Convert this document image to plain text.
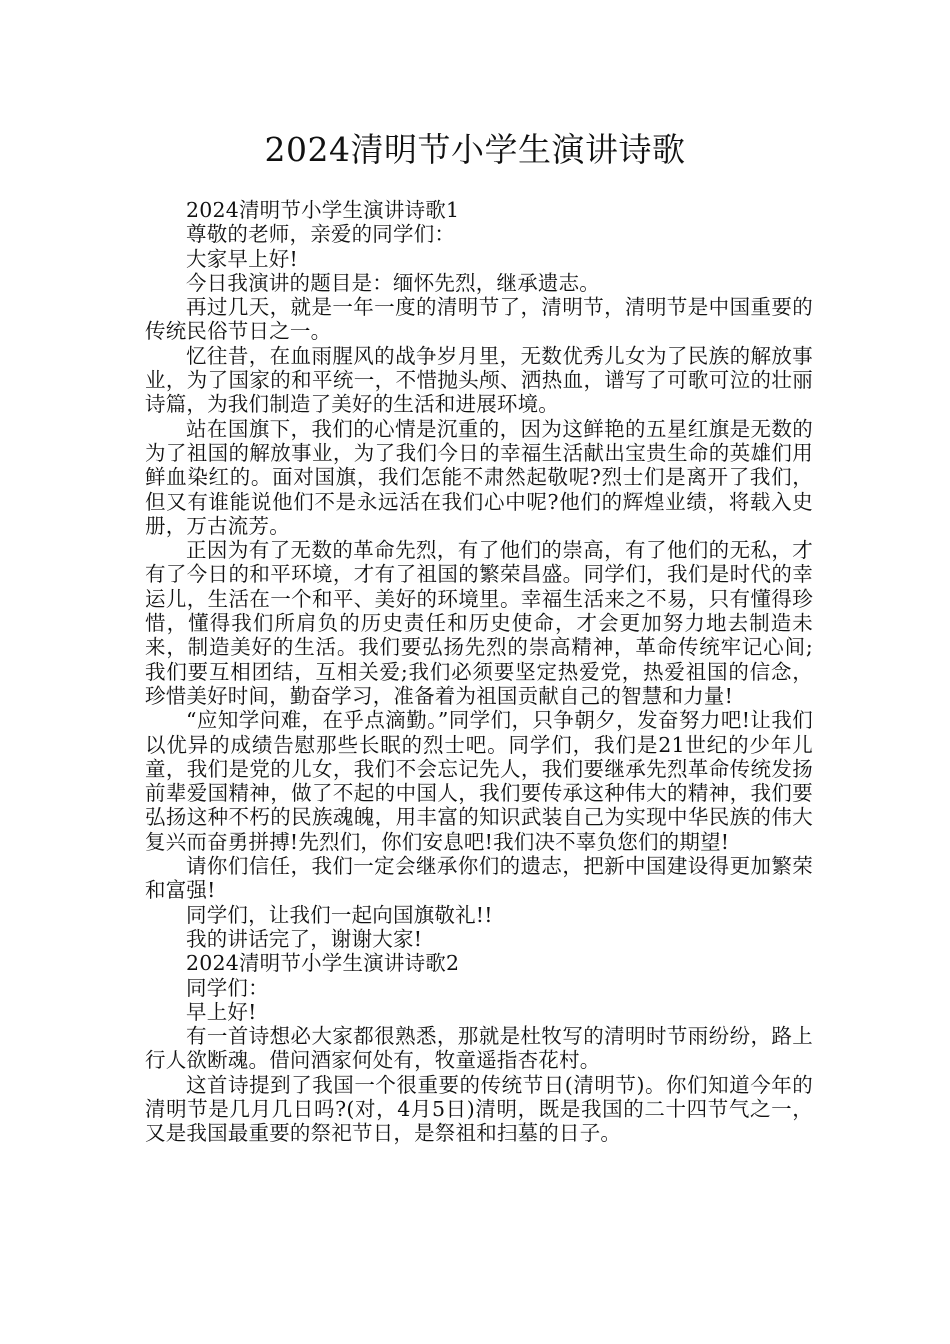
2024清明节小学生演讲诗歌

2024清明节小学生演讲诗歌1

尊敬的老师，亲爱的同学们：

大家早上好!

今日我演讲的题目是：缅怀先烈，继承遗志。

再过几天，就是一年一度的清明节了，清明节，清明节是中国重要的传统民俗节日之一。

忆往昔，在血雨腥风的战争岁月里，无数优秀儿女为了民族的解放事业，为了国家的和平统一，不惜抛头颅、洒热血，谱写了可歌可泣的壮丽诗篇，为我们制造了美好的生活和进展环境。

站在国旗下，我们的心情是沉重的，因为这鲜艳的五星红旗是无数的为了祖国的解放事业，为了我们今日的幸福生活献出宝贵生命的英雄们用鲜血染红的。面对国旗，我们怎能不肃然起敬呢?烈士们是离开了我们，但又有谁能说他们不是永远活在我们心中呢?他们的辉煌业绩，将载入史册，万古流芳。

正因为有了无数的革命先烈，有了他们的崇高，有了他们的无私，才有了今日的和平环境，才有了祖国的繁荣昌盛。同学们，我们是时代的幸运儿，生活在一个和平、美好的环境里。幸福生活来之不易，只有懂得珍惜，懂得我们所肩负的历史责任和历史使命，才会更加努力地去制造未来，制造美好的生活。我们要弘扬先烈的崇高精神，革命传统牢记心间;我们要互相团结，互相关爱;我们必须要坚定热爱党，热爱祖国的信念，珍惜美好时间，勤奋学习，准备着为祖国贡献自己的智慧和力量!

“应知学问难，在乎点滴勤。”同学们，只争朝夕，发奋努力吧!让我们以优异的成绩告慰那些长眠的烈士吧。同学们，我们是21世纪的少年儿童，我们是党的儿女，我们不会忘记先人，我们要继承先烈革命传统发扬前辈爱国精神，做了不起的中国人，我们要传承这种伟大的精神，我们要弘扬这种不朽的民族魂魄，用丰富的知识武装自己为实现中华民族的伟大复兴而奋勇拼搏!先烈们，你们安息吧!我们决不辜负您们的期望!

请你们信任，我们一定会继承你们的遗志，把新中国建设得更加繁荣和富强!

同学们，让我们一起向国旗敬礼!!

我的讲话完了，谢谢大家!

2024清明节小学生演讲诗歌2

同学们：

早上好!

有一首诗想必大家都很熟悉，那就是杜牧写的清明时节雨纷纷，路上行人欲断魂。借问酒家何处有，牧童遥指杏花村。

这首诗提到了我国一个很重要的传统节日(清明节)。你们知道今年的清明节是几月几日吗?(对，4月5日)清明，既是我国的二十四节气之一，又是我国最重要的祭祀节日，是祭祖和扫墓的日子。
